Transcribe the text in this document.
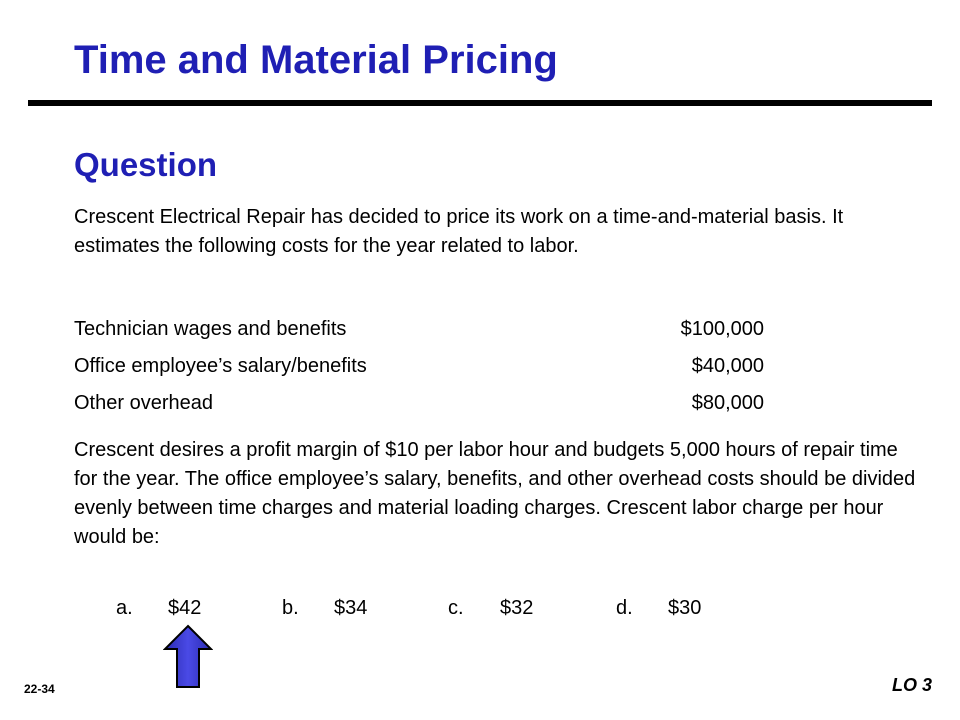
Time and Material Pricing
Question
Crescent Electrical Repair has decided to price its work on a time-and-material basis. It estimates the following costs for the year related to labor.
Technician wages and benefits	$100,000
Office employee’s salary/benefits	$40,000
Other overhead	$80,000
Crescent desires a profit margin of $10 per labor hour and budgets 5,000 hours of repair time for the year. The office employee’s salary, benefits, and other overhead costs should be divided evenly between time charges and material loading charges. Crescent labor charge per hour would be:
a. $42	b. $34	c. $32	d. $30
22-34	LO 3
